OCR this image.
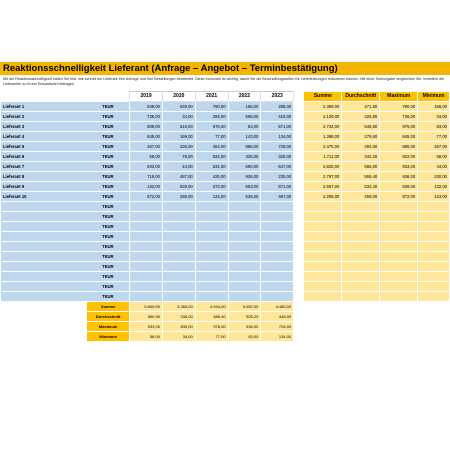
Reaktionsschnelligkeit Lieferant (Anfrage – Angebot – Terminbestätigung)
Mit der Reaktionsschnelligkeit halten Sie fest, wie schnell ein Lieferant Ihre Anfrage und Ihre Bestellungen bearbeitet. Diese Kennzahl ist wichtig, damit Sie die Beschaffungszeiten für Lieferleistungen reduzieren können. Mit einer Sollvorgabe vergleichen Sie, inwiefern die Lieferanten zu Ihrem Einkaufsziel beitragen.
		2019	2020	2021	2022	2023		Summe	Durchschnitt	Maximum	Minimum
Lieferant 1	TEUR	539,00	639,00	780,00	156,00	285,00		2.359,00	471,80	780,00	156,00
Lieferant 2	TEUR	736,00	34,00	284,00	656,00	419,00		2.129,00	425,80	736,00	34,00
Lieferant 3	TEUR	608,00	516,00	976,00	63,00	571,00		2.734,00	546,80	976,00	63,00
Lieferant 4	TEUR	845,00	199,00	77,00	143,00	134,00		1.398,00	279,60	845,00	77,00
Lieferant 5	TEUR	167,00	236,00	454,00	885,00	728,00		2.470,00	494,00	885,00	167,00
Lieferant 6	TEUR	58,00	78,00	922,00	325,00	328,00		1.711,00	342,20	922,00	58,00
Lieferant 7	TEUR	933,00	44,00	531,00	690,00	647,00		2.825,00	565,00	933,00	44,00
Lieferant 8	TEUR	719,00	487,00	425,00	936,00	230,00		2.797,00	559,40	936,00	230,00
Lieferant 9	TEUR	132,00	839,00	372,00	653,00	671,00		2.667,00	533,40	839,00	132,00
Lieferant 10	TEUR	872,00	288,00	123,00	545,00	467,00		2.295,00	459,00	872,00	123,00
	TEUR										
	TEUR										
	TEUR										
	TEUR										
	TEUR										
	TEUR										
	TEUR										
	TEUR										
	TEUR										
	TEUR										
	Summe	5.609,00	3.360,00	4.944,00	5.052,00	4.480,00					
	Durchschnitt	560,90	336,00	486,40	505,20	448,00					
	Maximum	933,00	839,00	976,00	936,00	728,00					
	Minimum	58,00	34,00	77,00	63,00	134,00					
